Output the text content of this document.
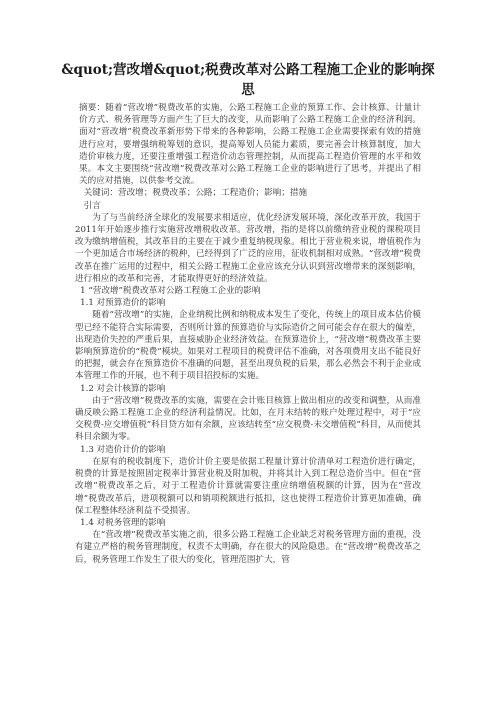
&quot;营改增&quot;税费改革对公路工程施工企业的影响探
思

摘要：随着“营改增”税费改革的实施，公路工程施工企业的预算工作、会计核算、计量计价方式、税务管理等方面产生了巨大的改变，从而影响了公路工程施工企业的经济利润。面对“营改增”税费改革新形势下带来的各种影响，公路工程施工企业需要探索有效的措施进行应对，要增强纳税筹划的意识，提高筹划人员能力素质，要完善会计核算制度，加大造价审核力度，还要注重增强工程造价动态管理控制，从而提高工程造价管理的水平和效果。本文主要围绕“营改增”税费改革对公路工程施工企业的影响进行了思考，并提出了相关的应对措施，以供参考交流。

关键词：营改增；税费改革；公路；工程造价；影响；措施

引言

为了与当前经济全球化的发展要求相适应，优化经济发展环境，深化改革开放，我国于2011年开始逐步推行实施营改增税收改革。营改增，指的是将以前缴纳营业税的课税项目改为缴纳增值税，其改革目的主要在于减少重复纳税现象。相比于营业税来说，增值税作为一个更加适合市场经济的税种，已经得到了广泛的应用，征收机制相对成熟。“营改增”税费改革在推广运用的过程中，相关公路工程施工企业应该充分认识到营改增带来的深刻影响，进行相应的改革和完善，才能取得更好的经济效益。

1 “营改增”税费改革对公路工程施工企业的影响

1.1 对预算造价的影响

随着“营改增”的实施，企业纳税比例和纳税成本发生了变化，传统上的项目成本估价模型已经不能符合实际需要，否则所计算的预算造价与实际造价之间可能会存在很大的偏差，出现造价失控的严重后果，直接威胁企业经济效益。在预算造价上，“营改增”税费改革主要影响预算造价的“税费”模块。如果对工程项目的税费评估不准确，对各项费用支出不能良好的把握，就会存在预算造价不准确的问题，甚至出现负税的后果，那么必然会不利于企业成本管理工作的开展，也不利于项目招投标的实施。

1.2 对会计核算的影响

由于“营改增”税费改革的实施，需要在会计账目核算上做出相应的改变和调整，从而准确反映公路工程施工企业的经济利益情况。比如，在月末结转的账户处理过程中，对于“应交税费-应交增值税”科目贷方如有余额，应该结转至“应交税费-未交增值税”科目，从而使其科目余额为零。

1.3 对造价计价的影响

在原有的税收制度下，造价计价主要是依据工程量计算计价清单对工程造价进行确定，税费的计算是按照固定税率计算营业税及附加税，并将其计入到工程总造价当中。但在“营改增”税费改革之后，对于工程造价计算就需要注重应纳增值税额的计算，因为在“营改增”税费改革后，进项税额可以和销项税额进行抵扣，这也使得工程造价计算更加准确，确保工程整体经济利益不受损害。

1.4 对税务管理的影响

在“营改增”税费改革实施之前，很多公路工程施工企业缺乏对税务管理方面的重视，没有建立严格的税务管理制度，权责不太明确，存在很大的风险隐患。在“营改增”税费改革之后，税务管理工作发生了很大的变化，管理范围扩大，管
